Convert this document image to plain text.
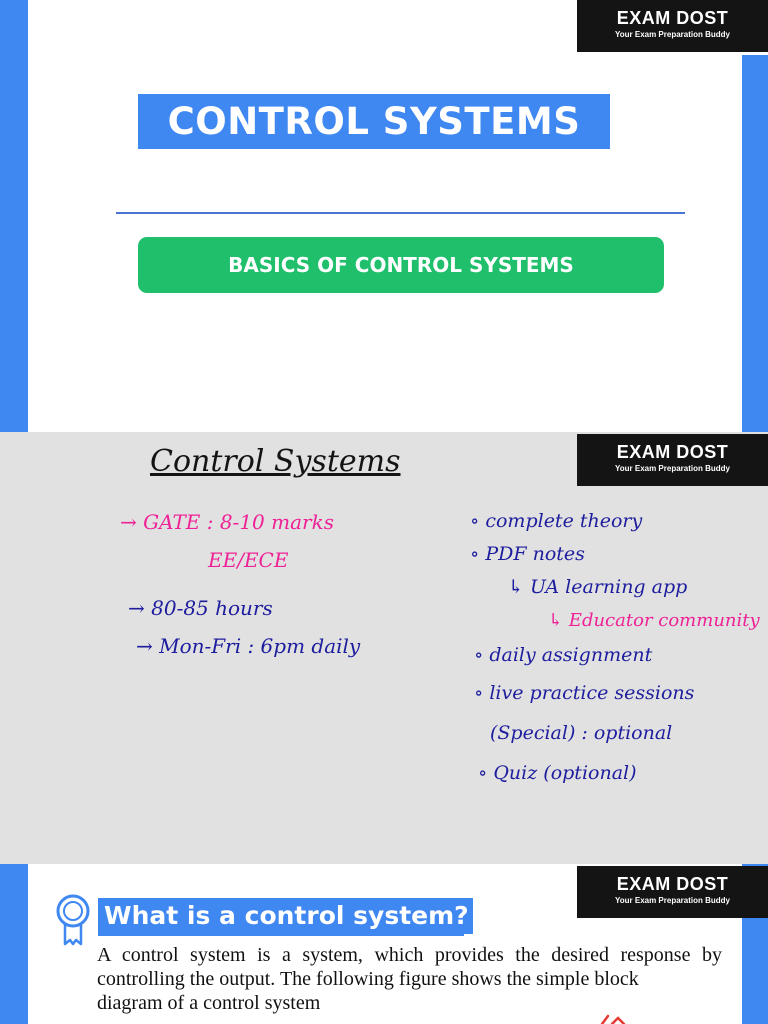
EXAM DOST
Your Exam Preparation Buddy
CONTROL SYSTEMS
BASICS OF CONTROL SYSTEMS
EXAM DOST
Your Exam Preparation Buddy
Control Systems
→ GATE : 8-10 marks
EE/ECE
→ 80-85 hours
→ Mon-Fri : 6pm daily
∘ complete theory
∘ PDF notes
↳ UA learning app
↳ Educator community
∘ daily assignment
∘ live practice sessions
(Special) : optional
∘ Quiz (optional)
EXAM DOST
Your Exam Preparation Buddy
What is a control system?
A control system is a system, which provides the desired response by controlling the output. The following figure shows the simple block
diagram of a control system
